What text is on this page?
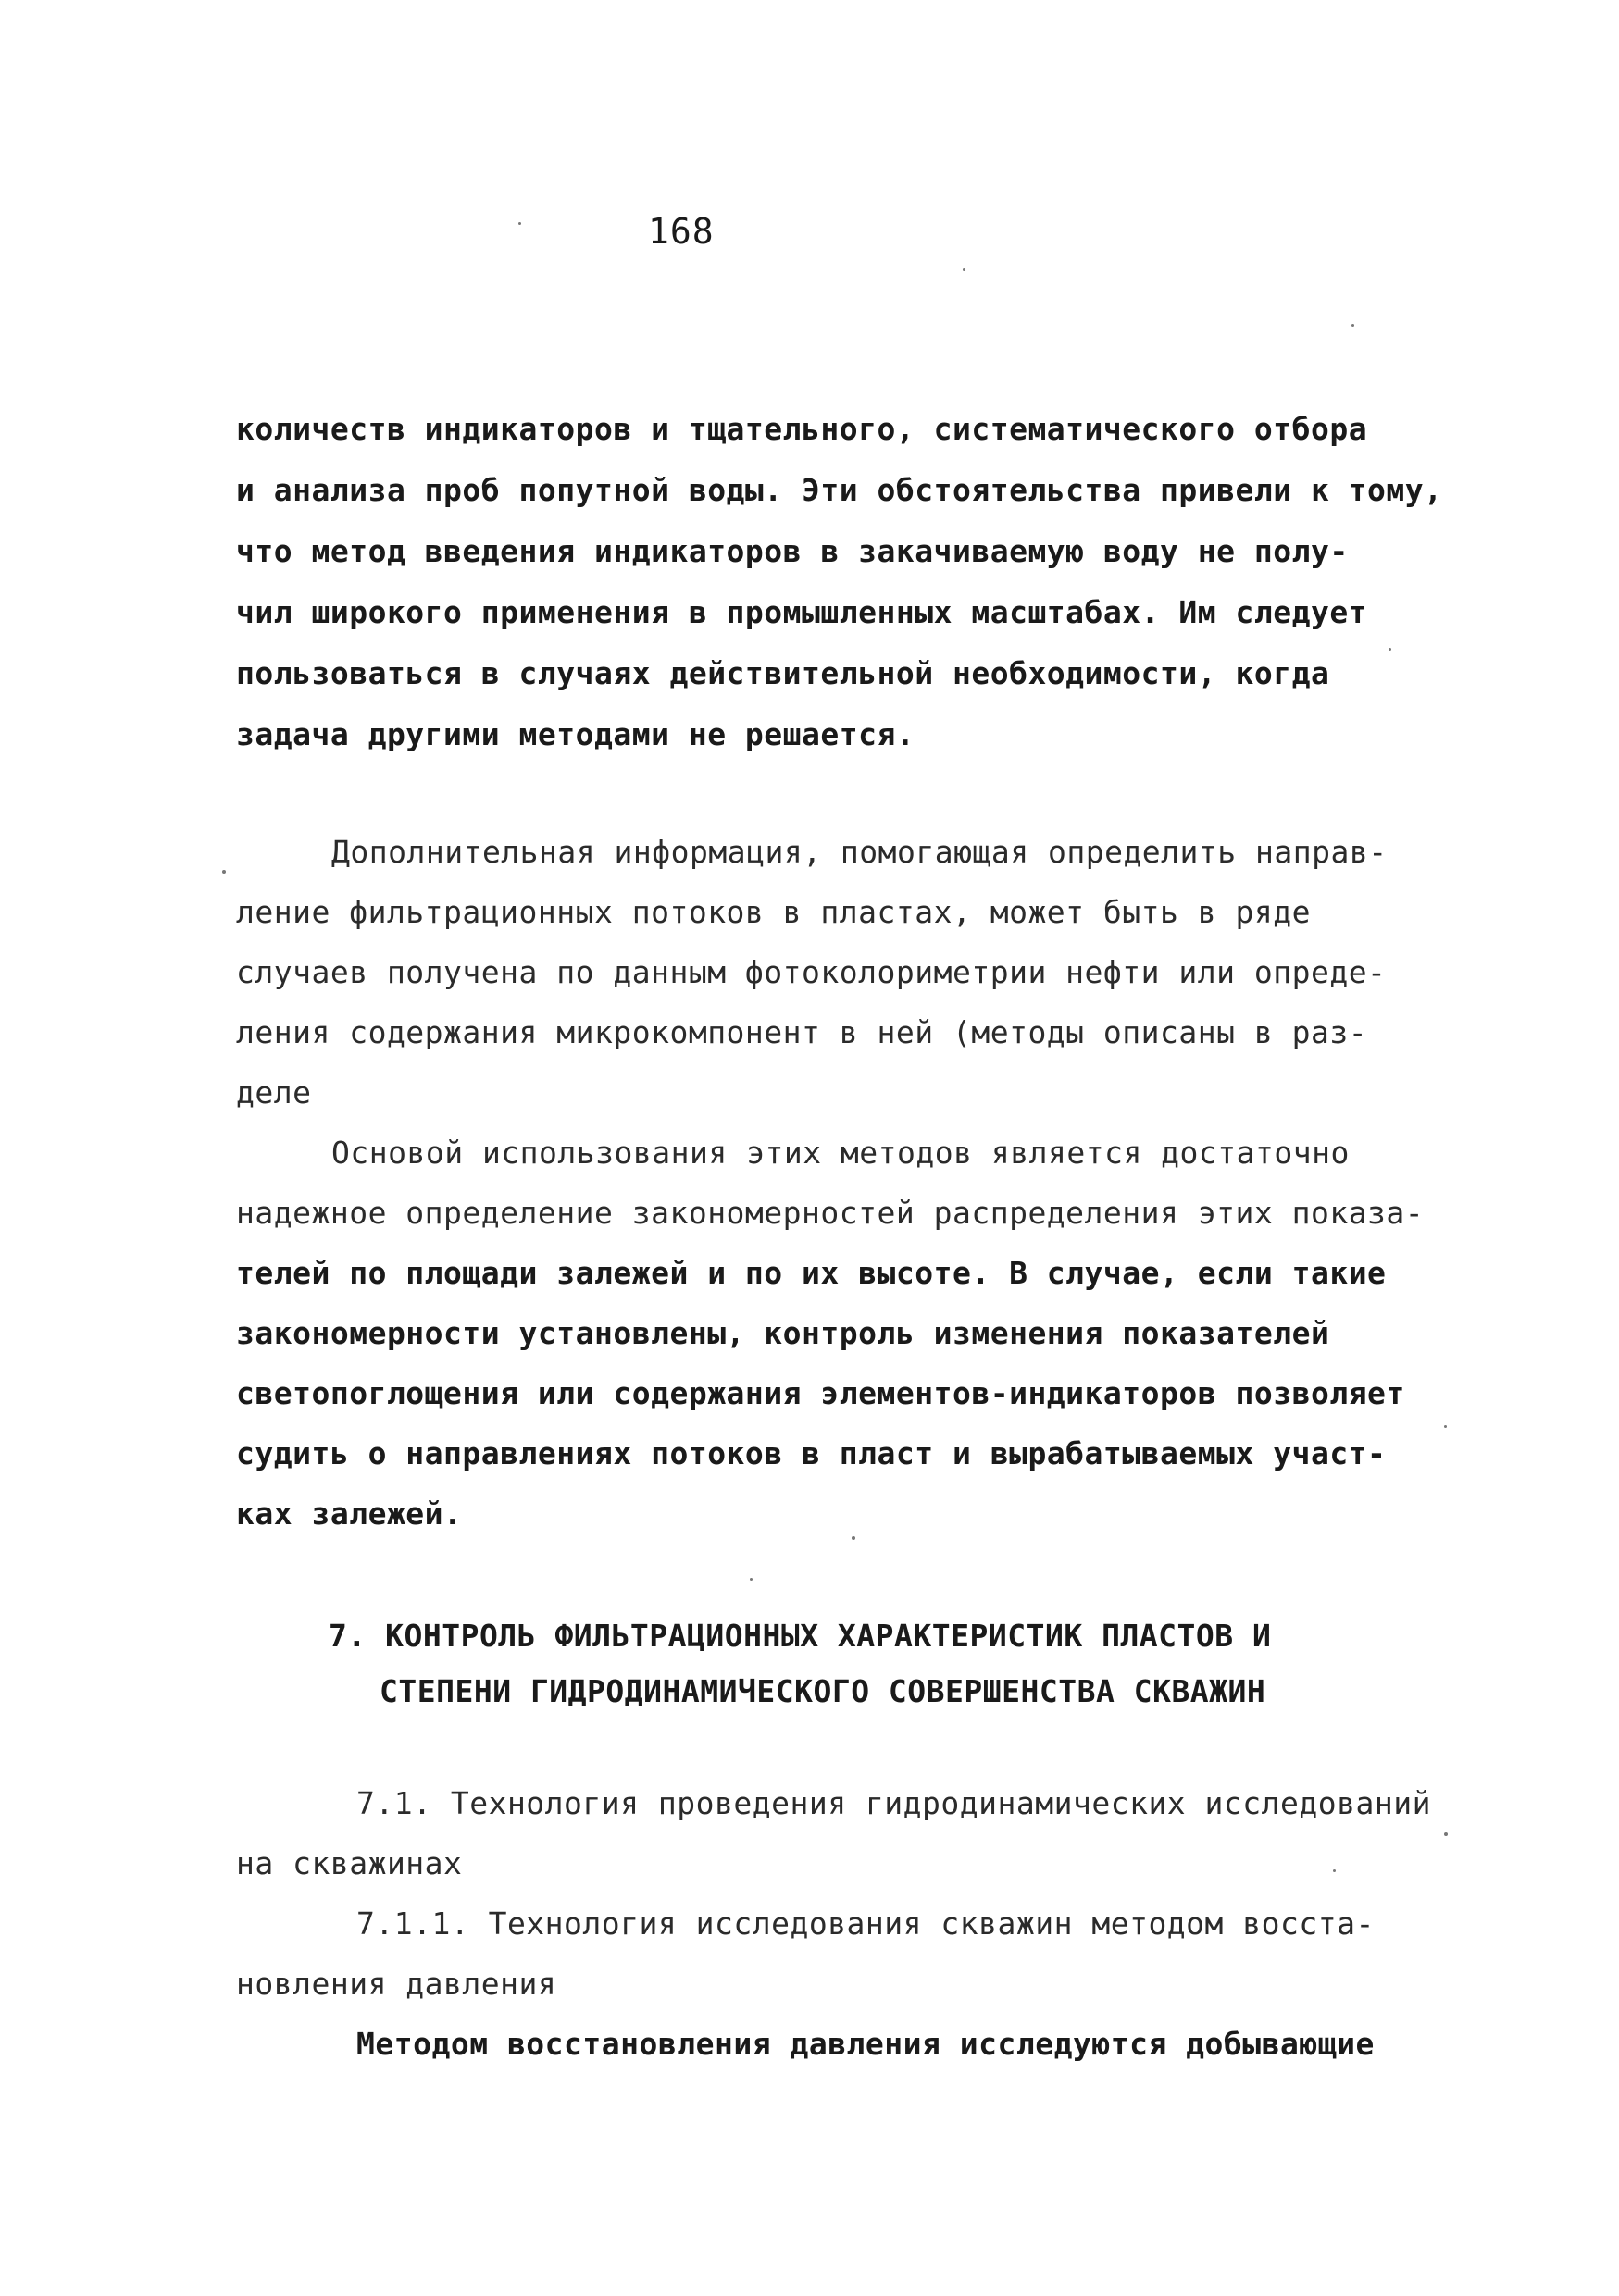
168
количеств индикаторов и тщательного, систематического отбора
и анализа проб попутной воды. Эти обстоятельства привели к тому,
что метод введения индикаторов в закачиваемую воду не полу-
чил широкого применения в промышленных масштабах. Им следует
пользоваться в случаях действительной необходимости, когда
задача другими методами не решается.
Дополнительная информация, помогающая определить направ-
ление фильтрационных потоков в пластах, может быть в ряде
случаев получена по данным фотоколориметрии нефти или опреде-
ления содержания микрокомпонент в ней (методы описаны в раз-
деле
Основой использования этих методов является достаточно
надежное определение закономерностей распределения этих показа-
телей по площади залежей и по их высоте. В случае, если такие
закономерности установлены, контроль изменения показателей
светопоглощения или содержания элементов-индикаторов позволяет
судить о направлениях потоков в пласт и вырабатываемых участ-
ках залежей.
7. КОНТРОЛЬ ФИЛЬТРАЦИОННЫХ ХАРАКТЕРИСТИК ПЛАСТОВ И
СТЕПЕНИ ГИДРОДИНАМИЧЕСКОГО СОВЕРШЕНСТВА СКВАЖИН
7.1. Технология проведения гидродинамических исследований
на скважинах
7.1.1. Технология исследования скважин методом восста-
новления давления
Методом восстановления давления исследуются добывающие
